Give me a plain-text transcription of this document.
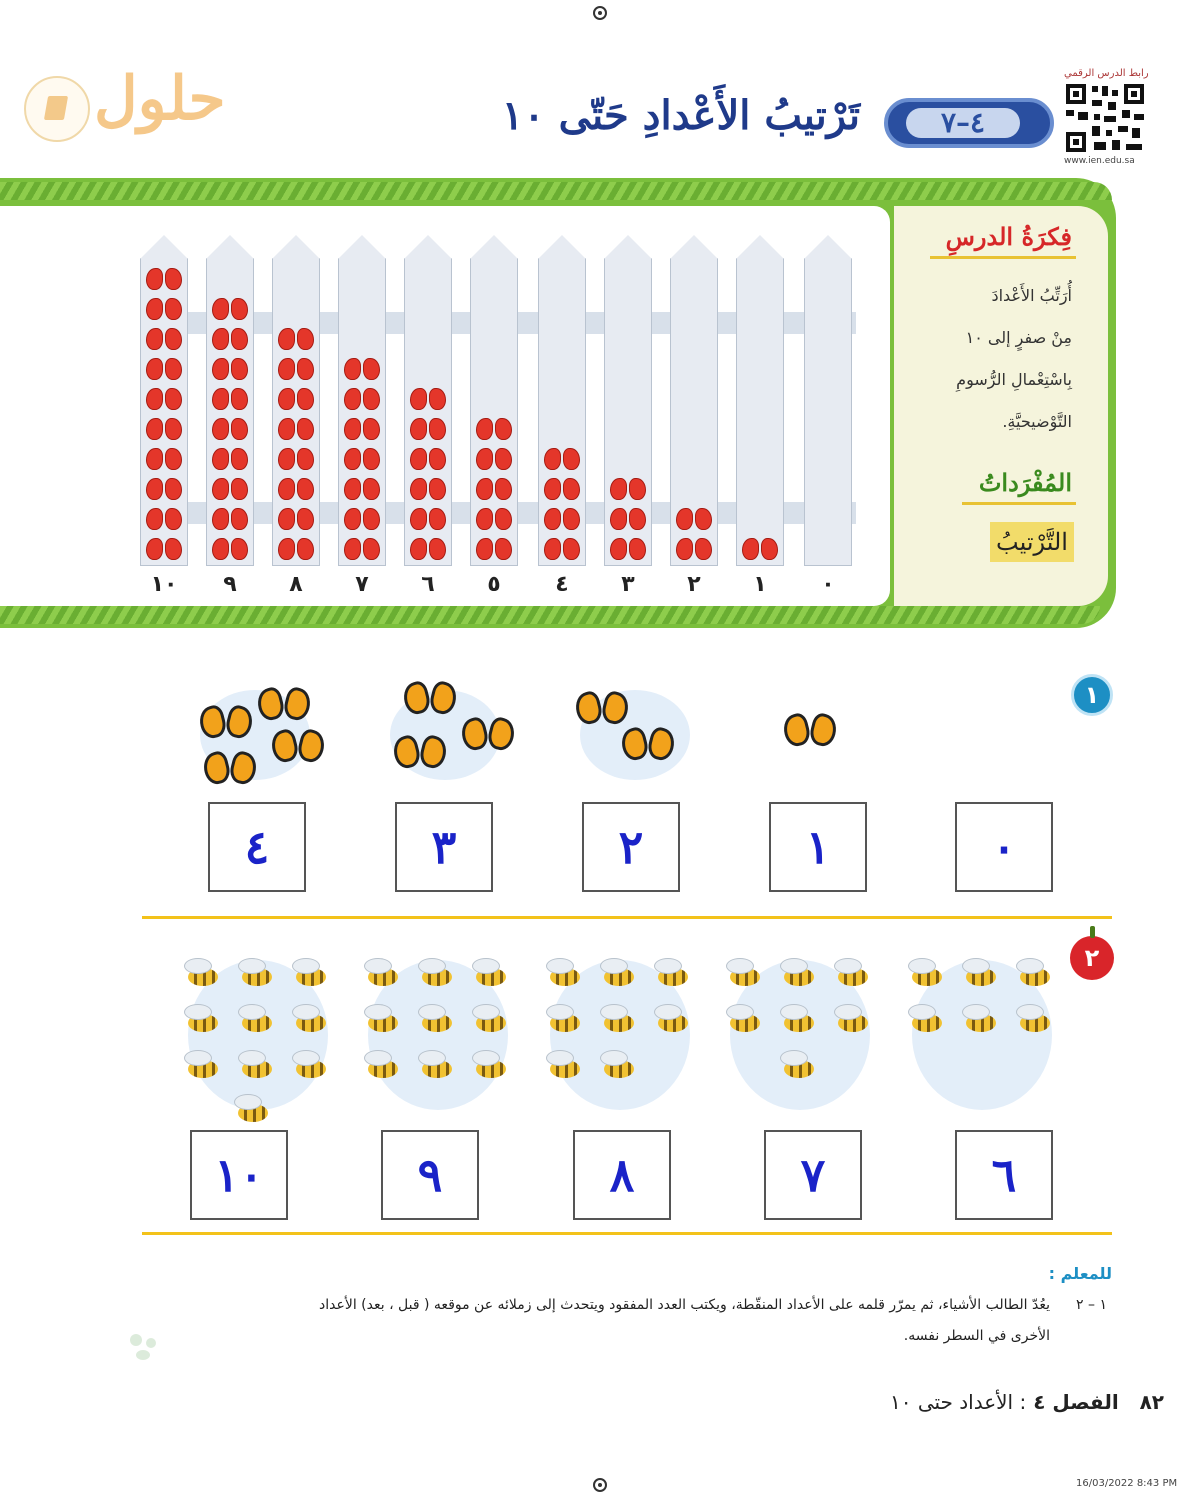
حلول	تَرْتيبُ الأَعْدادِ حَتّى ١٠	٤–٧
رابط الدرس الرقمي
www.ien.edu.sa
١٠	٩	٨	٧	٦	٥	٤	٣	٢	١	٠
فِكرَةُ الدرسِ
أُرَتِّبُ الأَعْدادَ
مِنْ صفرٍ إلى ١٠
بِاسْتِعْمالِ الرُّسومِ
التَّوْضيحيَّةِ.
المُفْرَداتُ
التَّرْتيبُ
١
٤	٣	٢	١	٠
٢
١٠	٩	٨	٧	٦
للمعلم :
١ – ٢
يعُدّ الطالب الأشياء، ثم يمرّر قلمه على الأعداد المنقّطة، ويكتب العدد المفقود ويتحدث إلى زملائه عن موقعه ( قبل ، بعد) الأعداد
الأخرى في السطر نفسه.
٨٢   الفصل ٤ : الأعداد حتى ١٠
16/03/2022 8:43 PM
